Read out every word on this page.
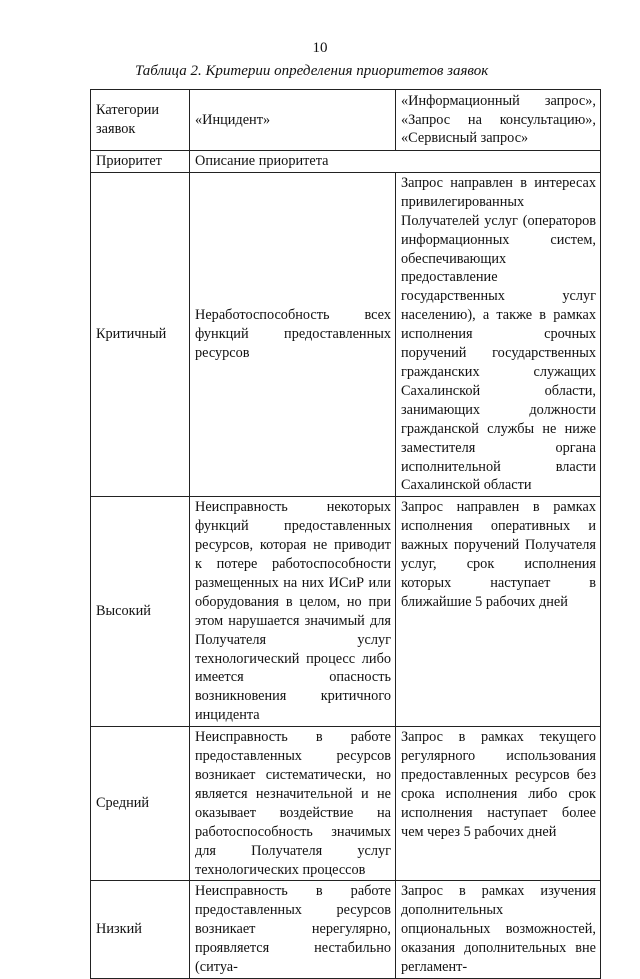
10
Таблица 2. Критерии определения приоритетов заявок
Категории заявок	«Инцидент»	«Информационный запрос», «Запрос на консультацию», «Сервисный запрос»
Приоритет	Описание приоритета	
Критичный	Неработоспособность всех функций предоставленных ресурсов	Запрос направлен в интересах привилегированных Получателей услуг (операторов информационных систем, обеспечивающих предоставление государственных услуг населению), а также в рамках исполнения срочных поручений государственных гражданских служащих Сахалинской области, занимающих должности гражданской службы не ниже заместителя органа исполнительной власти Сахалинской области
Высокий	Неисправность некоторых функций предоставленных ресурсов, которая не приводит к потере работоспособности размещенных на них ИСиР или оборудования в целом, но при этом нарушается значимый для Получателя услуг технологический процесс либо имеется опасность возникновения критичного инцидента	Запрос направлен в рамках исполнения оперативных и важных поручений Получателя услуг, срок исполнения которых наступает в ближайшие 5 рабочих дней
Средний	Неисправность в работе предоставленных ресурсов возникает систематически, но является незначительной и не оказывает воздействие на работоспособность значимых для Получателя услуг технологических процессов	Запрос в рамках текущего регулярного использования предоставленных ресурсов без срока исполнения либо срок исполнения наступает более чем через 5 рабочих дней
Низкий	Неисправность в работе предоставленных ресурсов возникает нерегулярно, проявляется нестабильно (ситуа-	Запрос в рамках изучения дополнительных опциональных возможностей, оказания дополнительных вне регламент-
